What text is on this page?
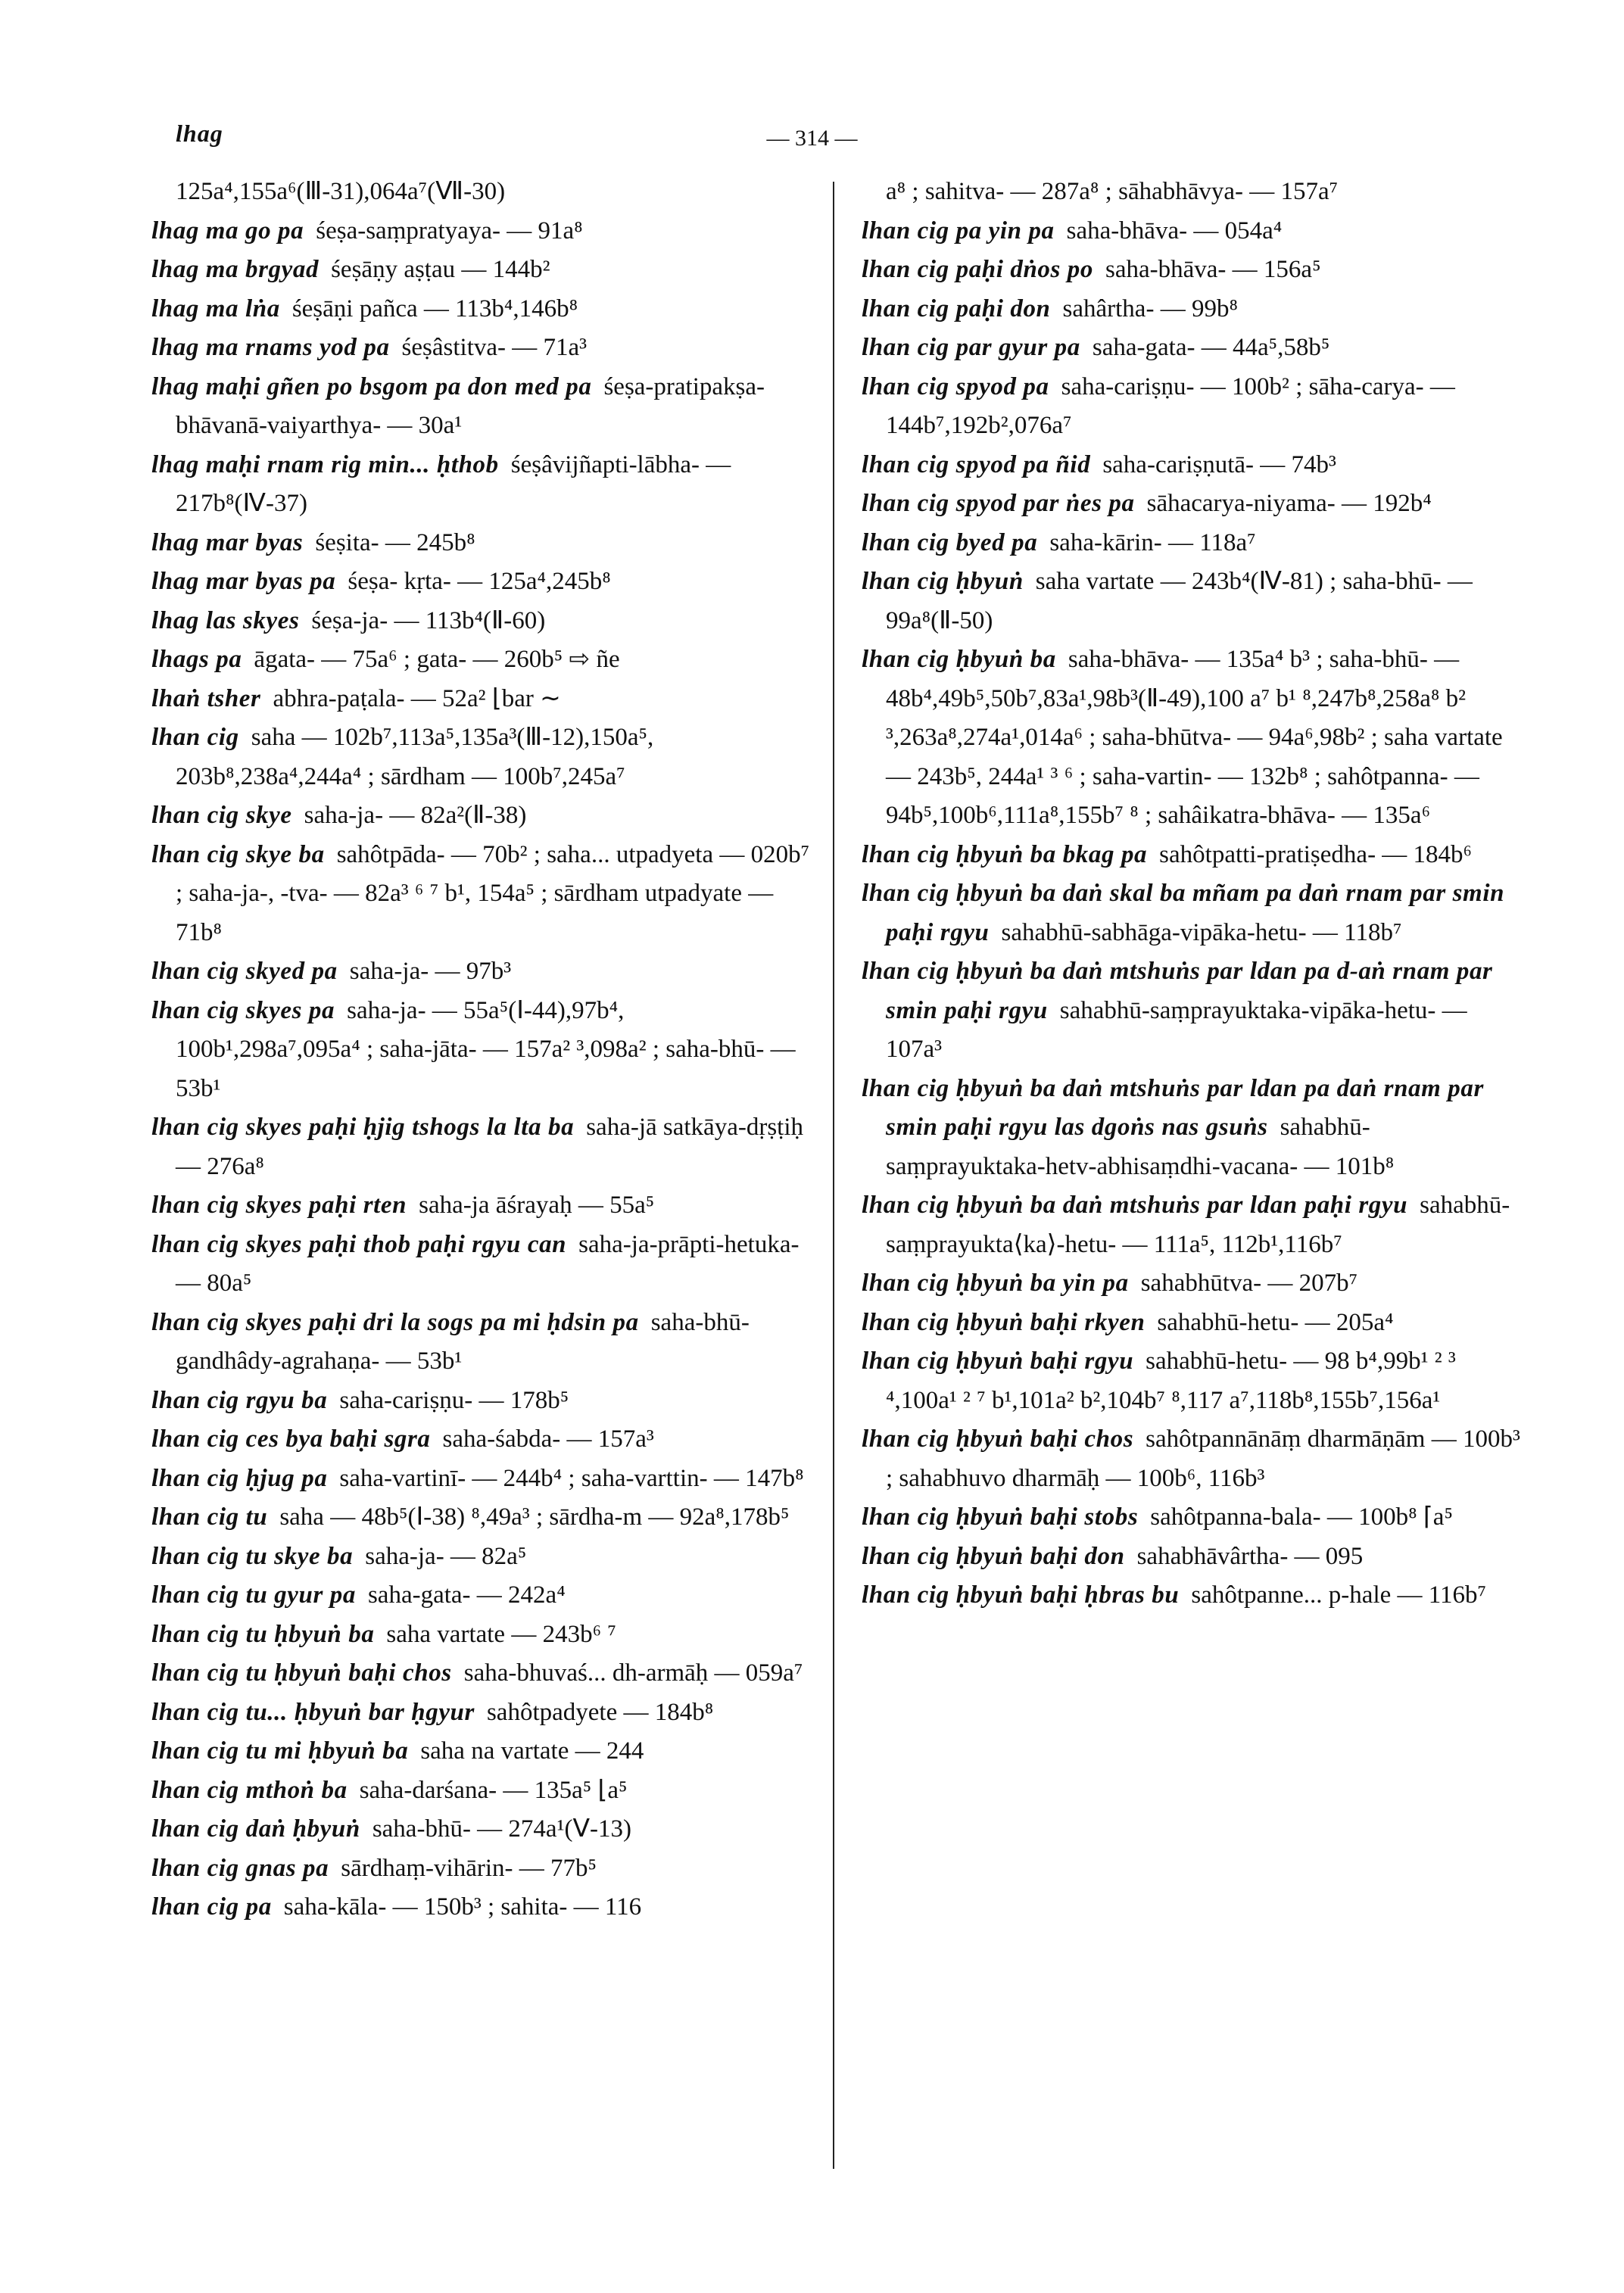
lhag	— 314 —
125a⁴,155a⁶(Ⅲ-31),064a⁷(Ⅶ-30)
lhag ma go pa śeṣa-saṃpratyaya- — 91a⁸
lhag ma brgyad śeṣāṇy aṣṭau — 144b²
lhag ma lṅa śeṣāṇi pañca — 113b⁴,146b⁸
lhag ma rnams yod pa śeṣâstitva- — 71a³
lhag maḥi gñen po bsgom pa don med pa śeṣa-pratipakṣa-bhāvanā-vaiyarthya- — 30a¹
lhag maḥi rnam rig min... ḥthob śeṣâvijñapti-lābha- — 217b⁸(Ⅳ-37)
lhag mar byas śeṣita- — 245b⁸
lhag mar byas pa śeṣa- kṛta- — 125a⁴,245b⁸
lhag las skyes śeṣa-ja- — 113b⁴(Ⅱ-60)
lhags pa āgata- — 75a⁶ ; gata- — 260b⁵ ⇨ ñe
lhaṅ tsher abhra-paṭala- — 52a² ⌊bar ∼
lhan cig saha — 102b⁷,113a⁵,135a³(Ⅲ-12),150a⁵, 203b⁸,238a⁴,244a⁴ ; sārdham — 100b⁷,245a⁷
lhan cig skye saha-ja- — 82a²(Ⅱ-38)
lhan cig skye ba sahôtpāda- — 70b² ; saha... utpadyeta — 020b⁷ ; saha-ja-, -tva- — 82a³ ⁶ ⁷ b¹, 154a⁵ ; sārdham utpadyate — 71b⁸
lhan cig skyed pa saha-ja- — 97b³
lhan cig skyes pa saha-ja- — 55a⁵(Ⅰ-44),97b⁴, 100b¹,298a⁷,095a⁴ ; saha-jāta- — 157a² ³,098a² ; saha-bhū- — 53b¹
lhan cig skyes paḥi ḥjig tshogs la lta ba saha-jā satkāya-dṛṣṭiḥ — 276a⁸
lhan cig skyes paḥi rten saha-ja āśrayaḥ — 55a⁵
lhan cig skyes paḥi thob paḥi rgyu can saha-ja-prāpti-hetuka- — 80a⁵
lhan cig skyes paḥi dri la sogs pa mi ḥdsin pa saha-bhū-gandhâdy-agrahaṇa- — 53b¹
lhan cig rgyu ba saha-cariṣṇu- — 178b⁵
lhan cig ces bya baḥi sgra saha-śabda- — 157a³
lhan cig ḥjug pa saha-vartinī- — 244b⁴ ; saha-varttin- — 147b⁸
lhan cig tu saha — 48b⁵(Ⅰ-38) ⁸,49a³ ; sārdha-m — 92a⁸,178b⁵
lhan cig tu skye ba saha-ja- — 82a⁵
lhan cig tu gyur pa saha-gata- — 242a⁴
lhan cig tu ḥbyuṅ ba saha vartate — 243b⁶ ⁷
lhan cig tu ḥbyuṅ baḥi chos saha-bhuvaś... dh-armāḥ — 059a⁷
lhan cig tu... ḥbyuṅ bar ḥgyur sahôtpadyete — 184b⁸
lhan cig tu mi ḥbyuṅ ba saha na vartate — 244
lhan cig mthoṅ ba saha-darśana- — 135a⁵ ⌊a⁵
lhan cig daṅ ḥbyuṅ saha-bhū- — 274a¹(Ⅴ-13)
lhan cig gnas pa sārdhaṃ-vihārin- — 77b⁵
lhan cig pa saha-kāla- — 150b³ ; sahita- — 116
a⁸ ; sahitva- — 287a⁸ ; sāhabhāvya- — 157a⁷
lhan cig pa yin pa saha-bhāva- — 054a⁴
lhan cig paḥi dṅos po saha-bhāva- — 156a⁵
lhan cig paḥi don sahârtha- — 99b⁸
lhan cig par gyur pa saha-gata- — 44a⁵,58b⁵
lhan cig spyod pa saha-cariṣṇu- — 100b² ; sāha-carya- — 144b⁷,192b²,076a⁷
lhan cig spyod pa ñid saha-cariṣṇutā- — 74b³
lhan cig spyod par ṅes pa sāhacarya-niyama- — 192b⁴
lhan cig byed pa saha-kārin- — 118a⁷
lhan cig ḥbyuṅ saha vartate — 243b⁴(Ⅳ-81) ; saha-bhū- — 99a⁸(Ⅱ-50)
lhan cig ḥbyuṅ ba saha-bhāva- — 135a⁴ b³ ; saha-bhū- — 48b⁴,49b⁵,50b⁷,83a¹,98b³(Ⅱ-49),100 a⁷ b¹ ⁸,247b⁸,258a⁸ b² ³,263a⁸,274a¹,014a⁶ ; saha-bhūtva- — 94a⁶,98b² ; saha vartate — 243b⁵, 244a¹ ³ ⁶ ; saha-vartin- — 132b⁸ ; sahôtpanna- — 94b⁵,100b⁶,111a⁸,155b⁷ ⁸ ; sahâikatra-bhāva- — 135a⁶
lhan cig ḥbyuṅ ba bkag pa sahôtpatti-pratiṣedha- — 184b⁶
lhan cig ḥbyuṅ ba daṅ skal ba mñam pa daṅ rnam par smin paḥi rgyu sahabhū-sabhāga-vipāka-hetu- — 118b⁷
lhan cig ḥbyuṅ ba daṅ mtshuṅs par ldan pa d-aṅ rnam par smin paḥi rgyu sahabhū-saṃprayuktaka-vipāka-hetu- — 107a³
lhan cig ḥbyuṅ ba daṅ mtshuṅs par ldan pa daṅ rnam par smin paḥi rgyu las dgoṅs nas gsuṅs sahabhū-saṃprayuktaka-hetv-abhisaṃdhi-vacana- — 101b⁸
lhan cig ḥbyuṅ ba daṅ mtshuṅs par ldan paḥi rgyu sahabhū-saṃprayukta⟨ka⟩-hetu- — 111a⁵, 112b¹,116b⁷
lhan cig ḥbyuṅ ba yin pa sahabhūtva- — 207b⁷
lhan cig ḥbyuṅ baḥi rkyen sahabhū-hetu- — 205a⁴
lhan cig ḥbyuṅ baḥi rgyu sahabhū-hetu- — 98 b⁴,99b¹ ² ³ ⁴,100a¹ ² ⁷ b¹,101a² b²,104b⁷ ⁸,117 a⁷,118b⁸,155b⁷,156a¹
lhan cig ḥbyuṅ baḥi chos sahôtpannānāṃ dharmāṇām — 100b³ ; sahabhuvo dharmāḥ — 100b⁶, 116b³
lhan cig ḥbyuṅ baḥi stobs sahôtpanna-bala- — 100b⁸ ⌈a⁵
lhan cig ḥbyuṅ baḥi don sahabhāvârtha- — 095
lhan cig ḥbyuṅ baḥi ḥbras bu sahôtpanne... p-hale — 116b⁷
